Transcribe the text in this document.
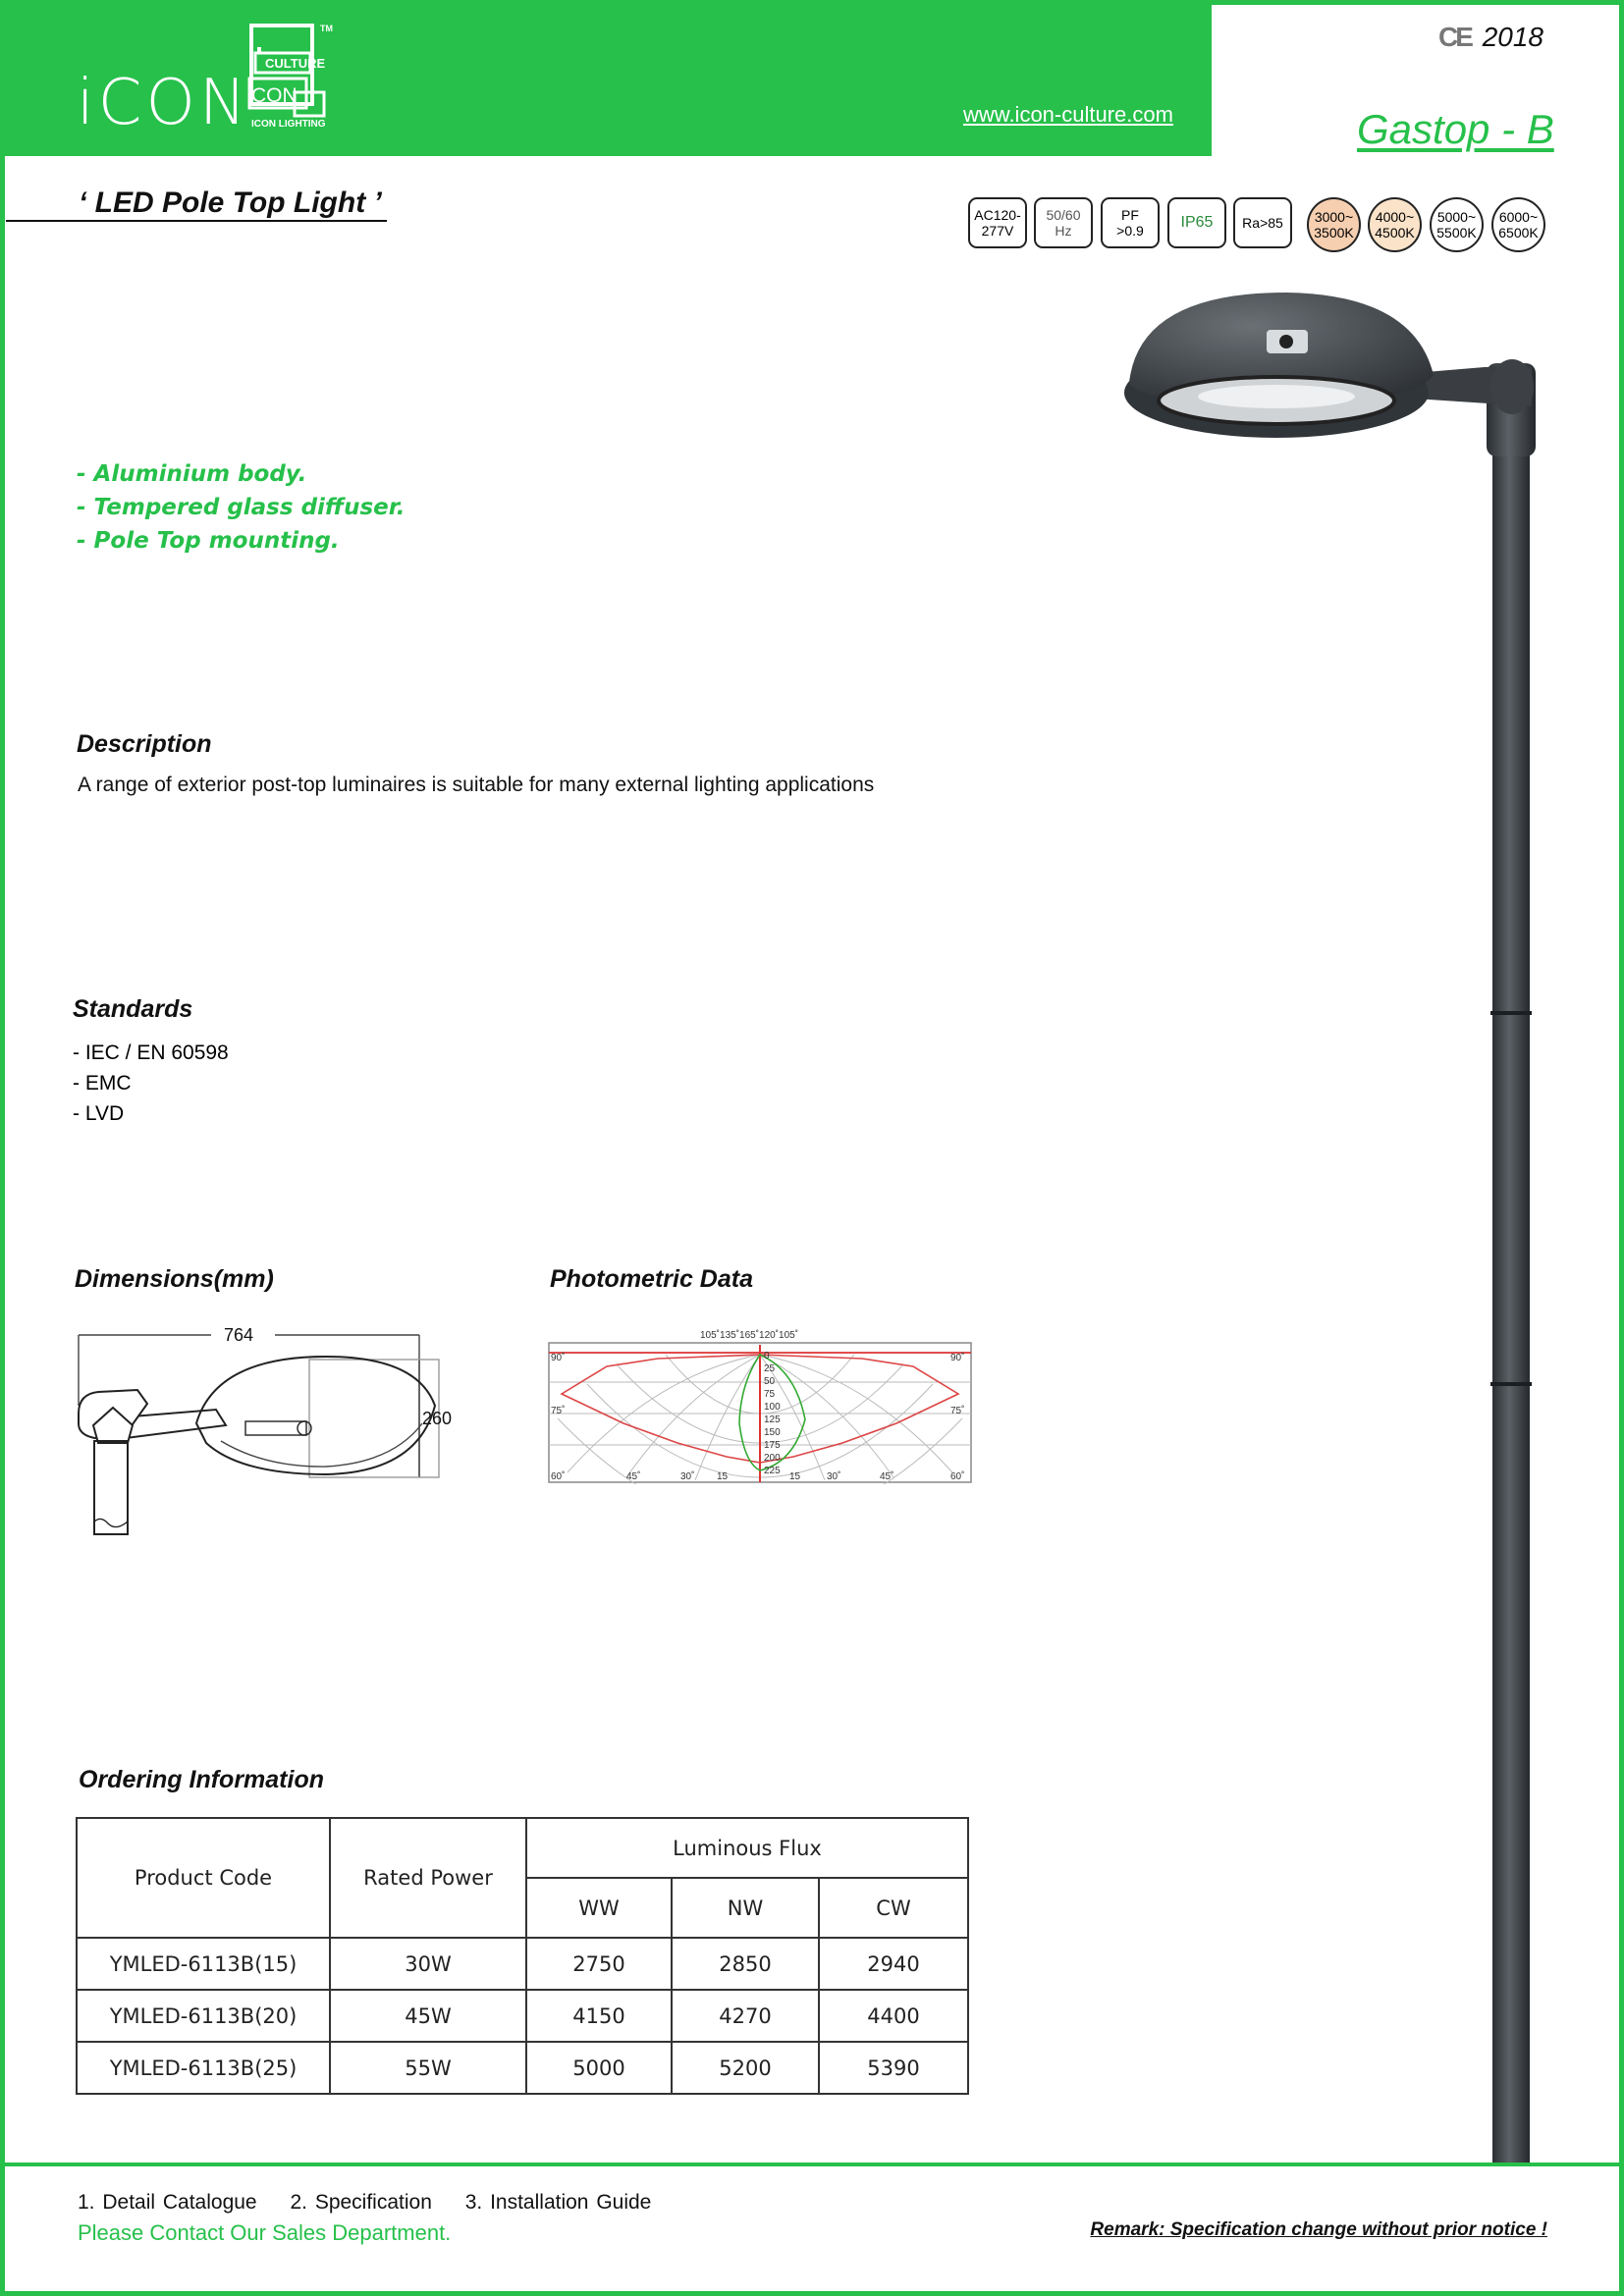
iCON
CULTURE
CON
ICON LIGHTING
TM
www.icon-culture.com
CE 2018
Gastop - B
‘ LED Pole Top Light ’	AC120-
277V
50/60
Hz
PF
>0.9	IP65	Ra>85	3000~
3500K
4000~
4500K
5000~
5500K
6000~
6500K
- Aluminium body.
- Tempered glass diffuser.
- Pole Top mounting.
Description
A range of exterior post-top luminaires is suitable for many external lighting applications
Standards
- IEC / EN 60598
- EMC
- LVD
Dimensions(mm)	Photometric Data
764
260
105˚135˚165˚120˚105˚
0
25
50
75
100
125
150
175
200
225
90˚
75˚
60˚
90˚
75˚
60˚
45˚	30˚ 15	15	30˚	45˚
Ordering Information
Product Code	Rated Power	Luminous Flux		
		WW	NW	CW
YMLED-6113B(15)	30W	2750	2850	2940
YMLED-6113B(20)	45W	4150	4270	4400
YMLED-6113B(25)	55W	5000	5200	5390
1. Detail Catalogue 2. Specification 3. Installation Guide
Please Contact Our Sales Department.	Remark: Specification change without prior notice !
